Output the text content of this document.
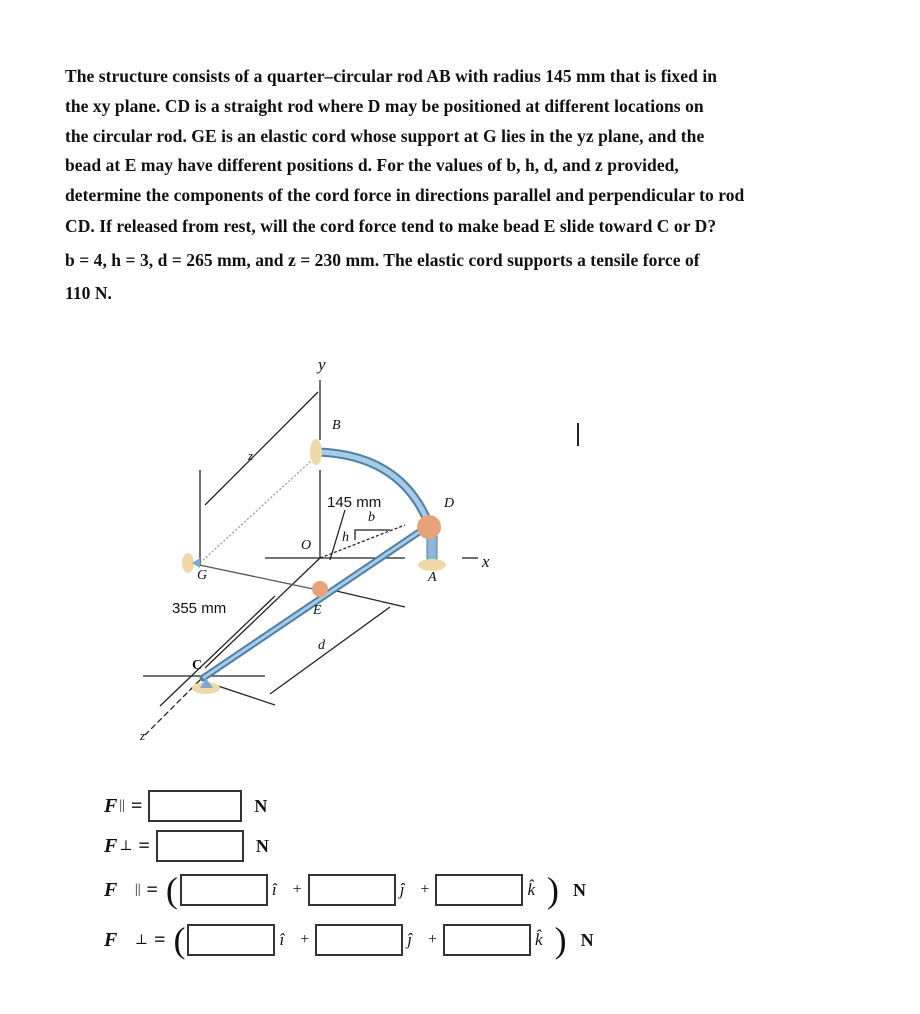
The structure consists of a quarter–circular rod AB with radius 145 mm that is fixed in
the xy plane. CD is a straight rod where D may be positioned at different locations on
the circular rod. GE is an elastic cord whose support at G lies in the yz plane, and the
bead at E may have different positions d. For the values of b, h, d, and z provided,
determine the components of the cord force in directions parallel and perpendicular to rod
CD. If released from rest, will the cord force tend to make bead E slide toward C or D?
b = 4, h = 3, d = 265 mm, and z = 230 mm. The elastic cord supports a tensile force of
110 N.
y
B
z
145 mm	D
b
h
O
x
G	A
355 mm	E
d
C
z
F || =	N
F ⊥ =	N
F⃗ || = (	î +	ĵ +	k̂ ) N
F⃗ ⊥ = (	î +	ĵ +	k̂ ) N
